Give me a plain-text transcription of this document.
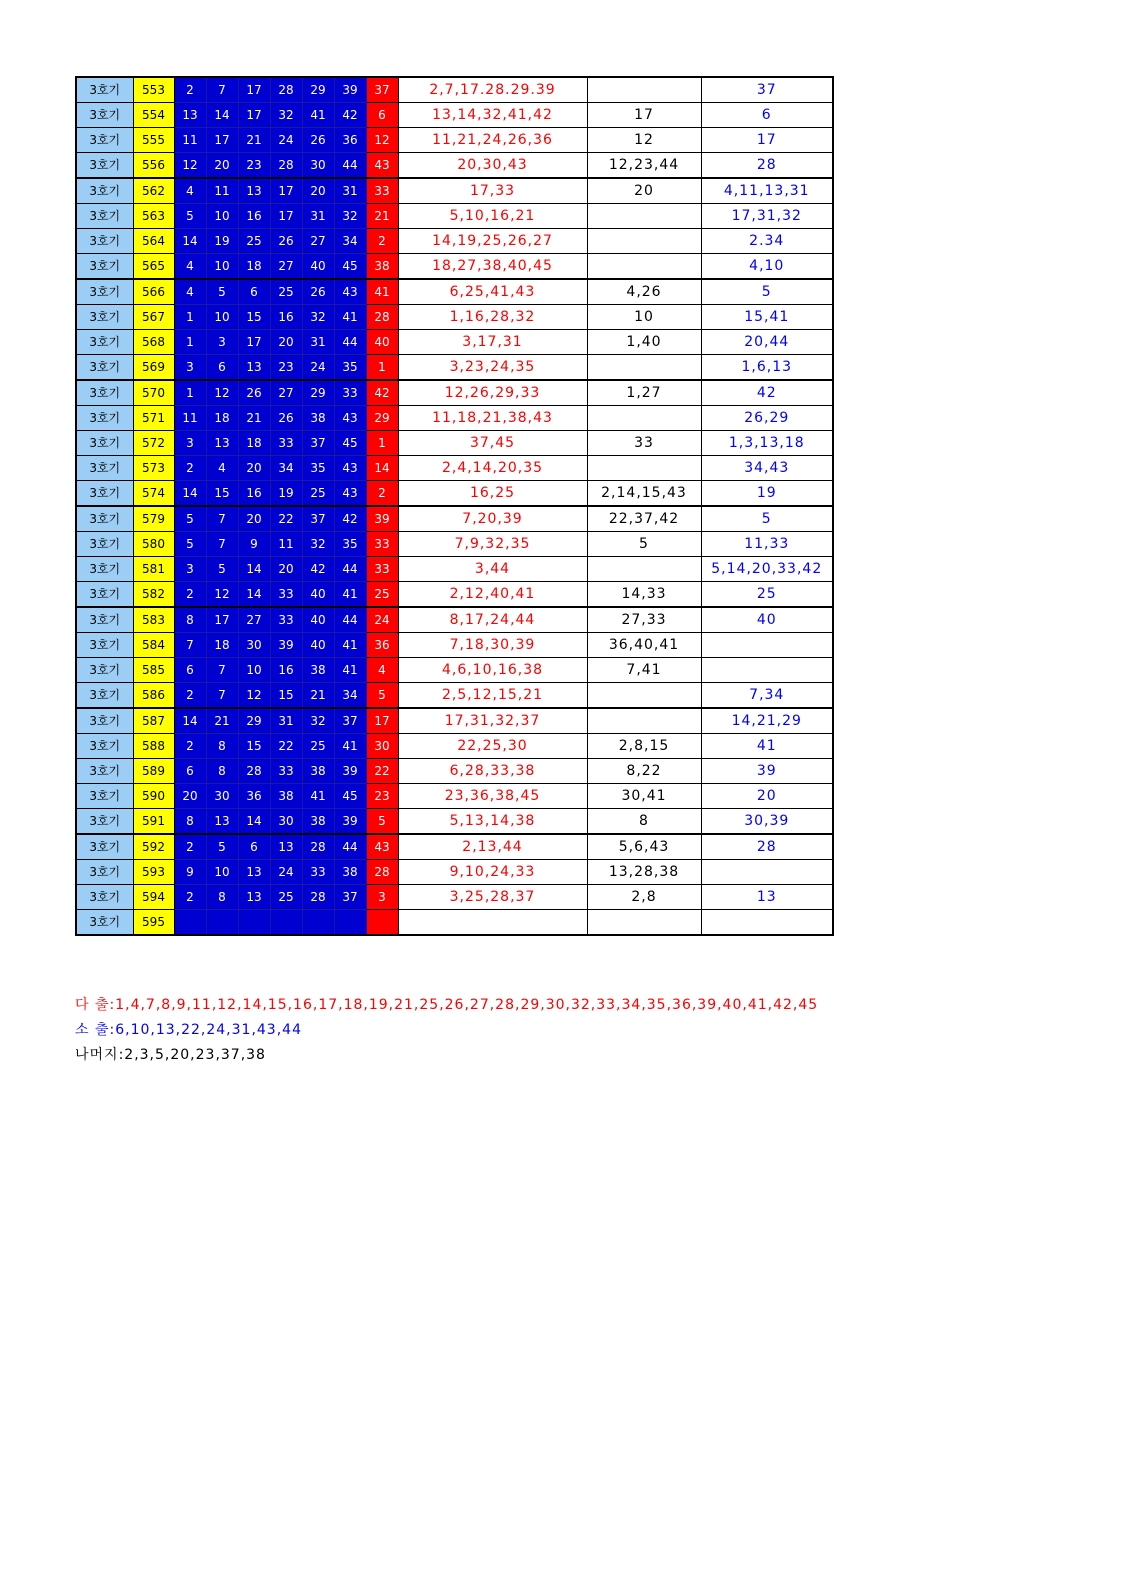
3호기	553	2	7	17	28	29	39	37	2,7,17.28.29.39		37
3호기	554	13	14	17	32	41	42	6	13,14,32,41,42	17	6
3호기	555	11	17	21	24	26	36	12	11,21,24,26,36	12	17
3호기	556	12	20	23	28	30	44	43	20,30,43	12,23,44	28
3호기	562	4	11	13	17	20	31	33	17,33	20	4,11,13,31
3호기	563	5	10	16	17	31	32	21	5,10,16,21		17,31,32
3호기	564	14	19	25	26	27	34	2	14,19,25,26,27		2.34
3호기	565	4	10	18	27	40	45	38	18,27,38,40,45		4,10
3호기	566	4	5	6	25	26	43	41	6,25,41,43	4,26	5
3호기	567	1	10	15	16	32	41	28	1,16,28,32	10	15,41
3호기	568	1	3	17	20	31	44	40	3,17,31	1,40	20,44
3호기	569	3	6	13	23	24	35	1	3,23,24,35		1,6,13
3호기	570	1	12	26	27	29	33	42	12,26,29,33	1,27	42
3호기	571	11	18	21	26	38	43	29	11,18,21,38,43		26,29
3호기	572	3	13	18	33	37	45	1	37,45	33	1,3,13,18
3호기	573	2	4	20	34	35	43	14	2,4,14,20,35		34,43
3호기	574	14	15	16	19	25	43	2	16,25	2,14,15,43	19
3호기	579	5	7	20	22	37	42	39	7,20,39	22,37,42	5
3호기	580	5	7	9	11	32	35	33	7,9,32,35	5	11,33
3호기	581	3	5	14	20	42	44	33	3,44		5,14,20,33,42
3호기	582	2	12	14	33	40	41	25	2,12,40,41	14,33	25
3호기	583	8	17	27	33	40	44	24	8,17,24,44	27,33	40
3호기	584	7	18	30	39	40	41	36	7,18,30,39	36,40,41	
3호기	585	6	7	10	16	38	41	4	4,6,10,16,38	7,41	
3호기	586	2	7	12	15	21	34	5	2,5,12,15,21		7,34
3호기	587	14	21	29	31	32	37	17	17,31,32,37		14,21,29
3호기	588	2	8	15	22	25	41	30	22,25,30	2,8,15	41
3호기	589	6	8	28	33	38	39	22	6,28,33,38	8,22	39
3호기	590	20	30	36	38	41	45	23	23,36,38,45	30,41	20
3호기	591	8	13	14	30	38	39	5	5,13,14,38	8	30,39
3호기	592	2	5	6	13	28	44	43	2,13,44	5,6,43	28
3호기	593	9	10	13	24	33	38	28	9,10,24,33	13,28,38	
3호기	594	2	8	13	25	28	37	3	3,25,28,37	2,8	13
3호기	595										
다 출:1,4,7,8,9,11,12,14,15,16,17,18,19,21,25,26,27,28,29,30,32,33,34,35,36,39,40,41,42,45
소 출:6,10,13,22,24,31,43,44
나머지:2,3,5,20,23,37,38
